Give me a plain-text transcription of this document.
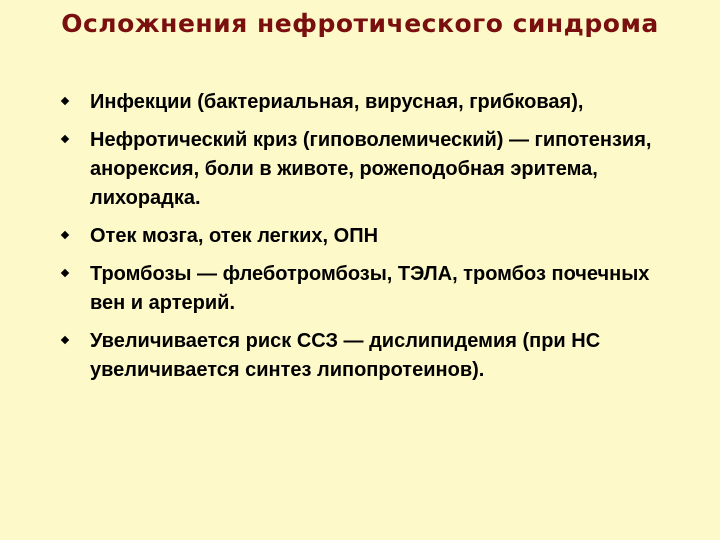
Осложнения нефротического синдрома
Инфекции (бактериальная, вирусная, грибковая),
Нефротический криз (гиповолемический) — гипотензия, анорексия, боли в животе, рожеподобная эритема, лихорадка.
Отек мозга, отек легких, ОПН
Тромбозы — флеботромбозы, ТЭЛА, тромбоз почечных вен и артерий.
Увеличивается риск ССЗ — дислипидемия (при НС увеличивается синтез липопротеинов).
